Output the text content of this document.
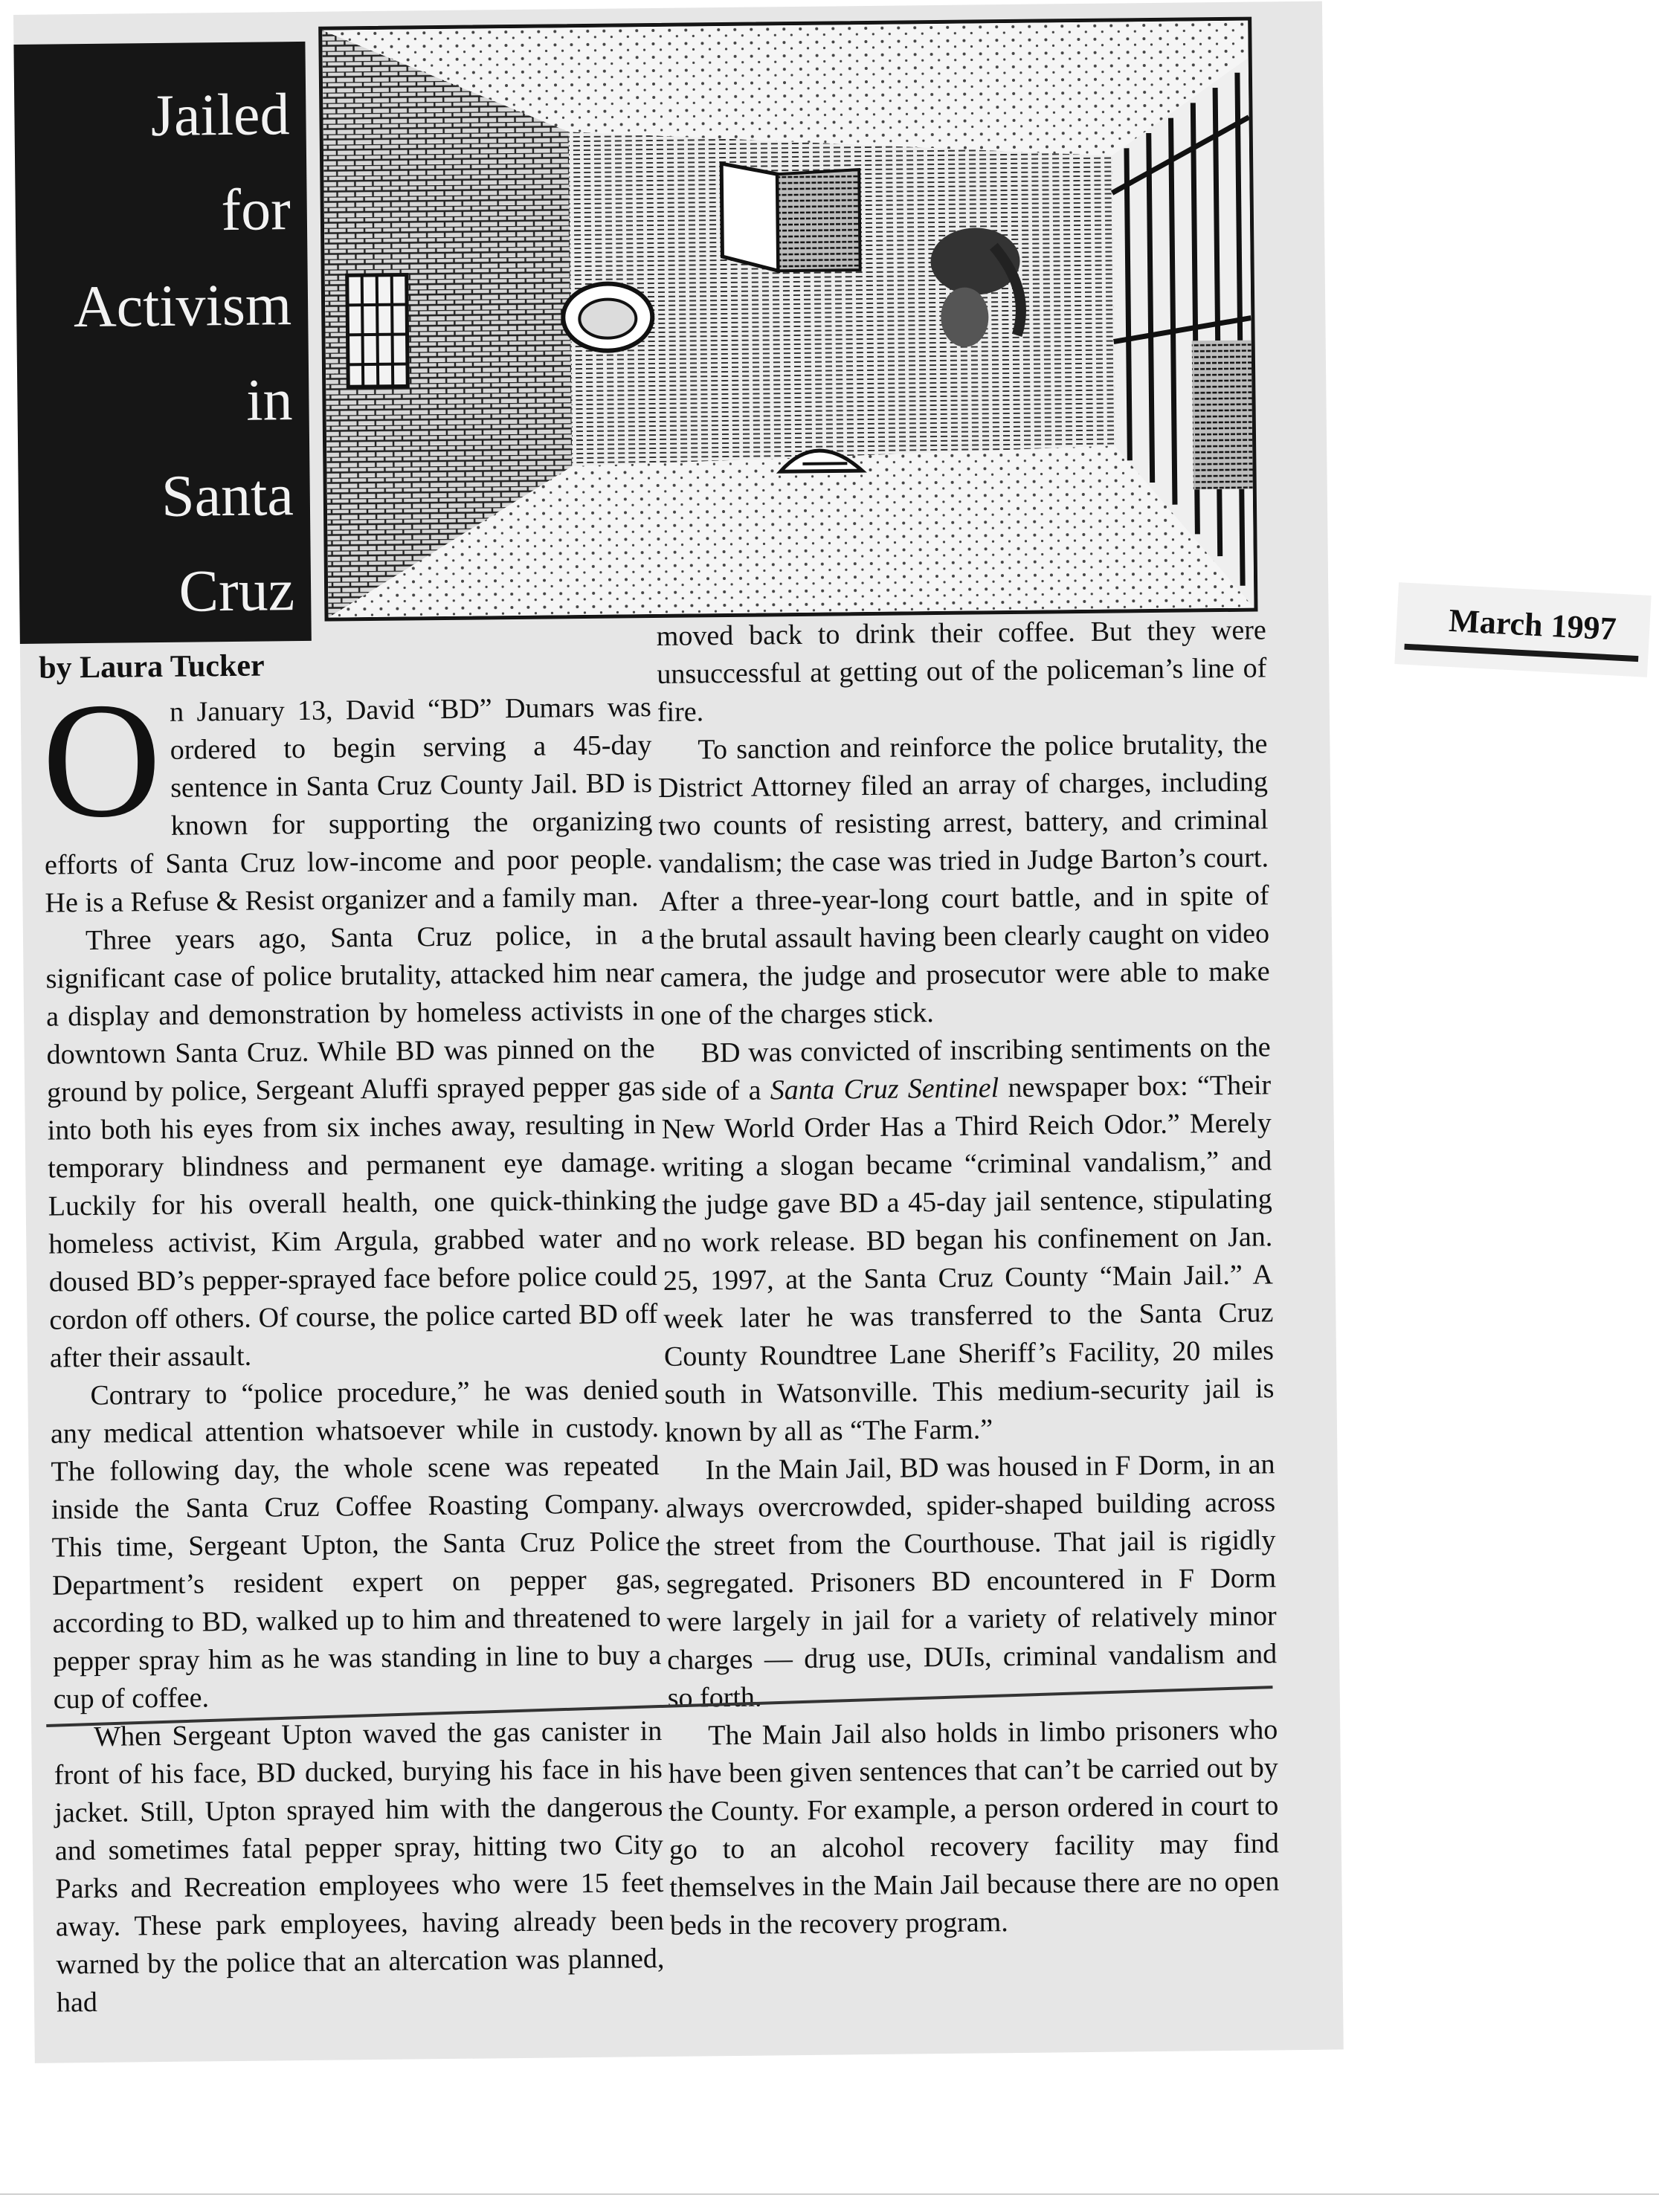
Jailed
for
Activism
in
Santa
Cruz
by Laura Tucker

On January 13, David “BD” Dumars was ordered to begin serving a 45-day sentence in Santa Cruz County Jail. BD is known for supporting the organizing efforts of Santa Cruz low-income and poor people. He is a Refuse & Resist organizer and a family man.

Three years ago, Santa Cruz police, in a significant case of police brutality, attacked him near a display and demonstration by homeless activists in downtown Santa Cruz. While BD was pinned on the ground by police, Sergeant Aluffi sprayed pepper gas into both his eyes from six inches away, resulting in temporary blindness and permanent eye damage. Luckily for his overall health, one quick-thinking homeless activist, Kim Argula, grabbed water and doused BD’s pepper-sprayed face before police could cordon off others. Of course, the police carted BD off after their assault.

Contrary to “police procedure,” he was denied any medical attention whatsoever while in custody. The following day, the whole scene was repeated inside the Santa Cruz Coffee Roasting Company. This time, Sergeant Upton, the Santa Cruz Police Department’s resident expert on pepper gas, according to BD, walked up to him and threatened to pepper spray him as he was standing in line to buy a cup of coffee.

When Sergeant Upton waved the gas canister in front of his face, BD ducked, burying his face in his jacket. Still, Upton sprayed him with the dangerous and sometimes fatal pepper spray, hitting two City Parks and Recreation employees who were 15 feet away. These park employees, having already been warned by the police that an altercation was planned, had

moved back to drink their coffee. But they were unsuccessful at getting out of the policeman’s line of fire.

To sanction and reinforce the police brutality, the District Attorney filed an array of charges, including two counts of resisting arrest, battery, and criminal vandalism; the case was tried in Judge Barton’s court. After a three-year-long court battle, and in spite of the brutal assault having been clearly caught on video camera, the judge and prosecutor were able to make one of the charges stick.

BD was convicted of inscribing sentiments on the side of a Santa Cruz Sentinel newspaper box: “Their New World Order Has a Third Reich Odor.” Merely writing a slogan became “criminal vandalism,” and the judge gave BD a 45-day jail sentence, stipulating no work release. BD began his confinement on Jan. 25, 1997, at the Santa Cruz County “Main Jail.” A week later he was transferred to the Santa Cruz County Roundtree Lane Sheriff’s Facility, 20 miles south in Watsonville. This medium-security jail is known by all as “The Farm.”

In the Main Jail, BD was housed in F Dorm, in an always overcrowded, spider-shaped building across the street from the Courthouse. That jail is rigidly segregated. Prisoners BD encountered in F Dorm were largely in jail for a variety of relatively minor charges — drug use, DUIs, criminal vandalism and so forth.

The Main Jail also holds in limbo prisoners who have been given sentences that can’t be carried out by the County. For example, a person ordered in court to go to an alcohol recovery facility may find themselves in the Main Jail because there are no open beds in the recovery program.

March 1997
